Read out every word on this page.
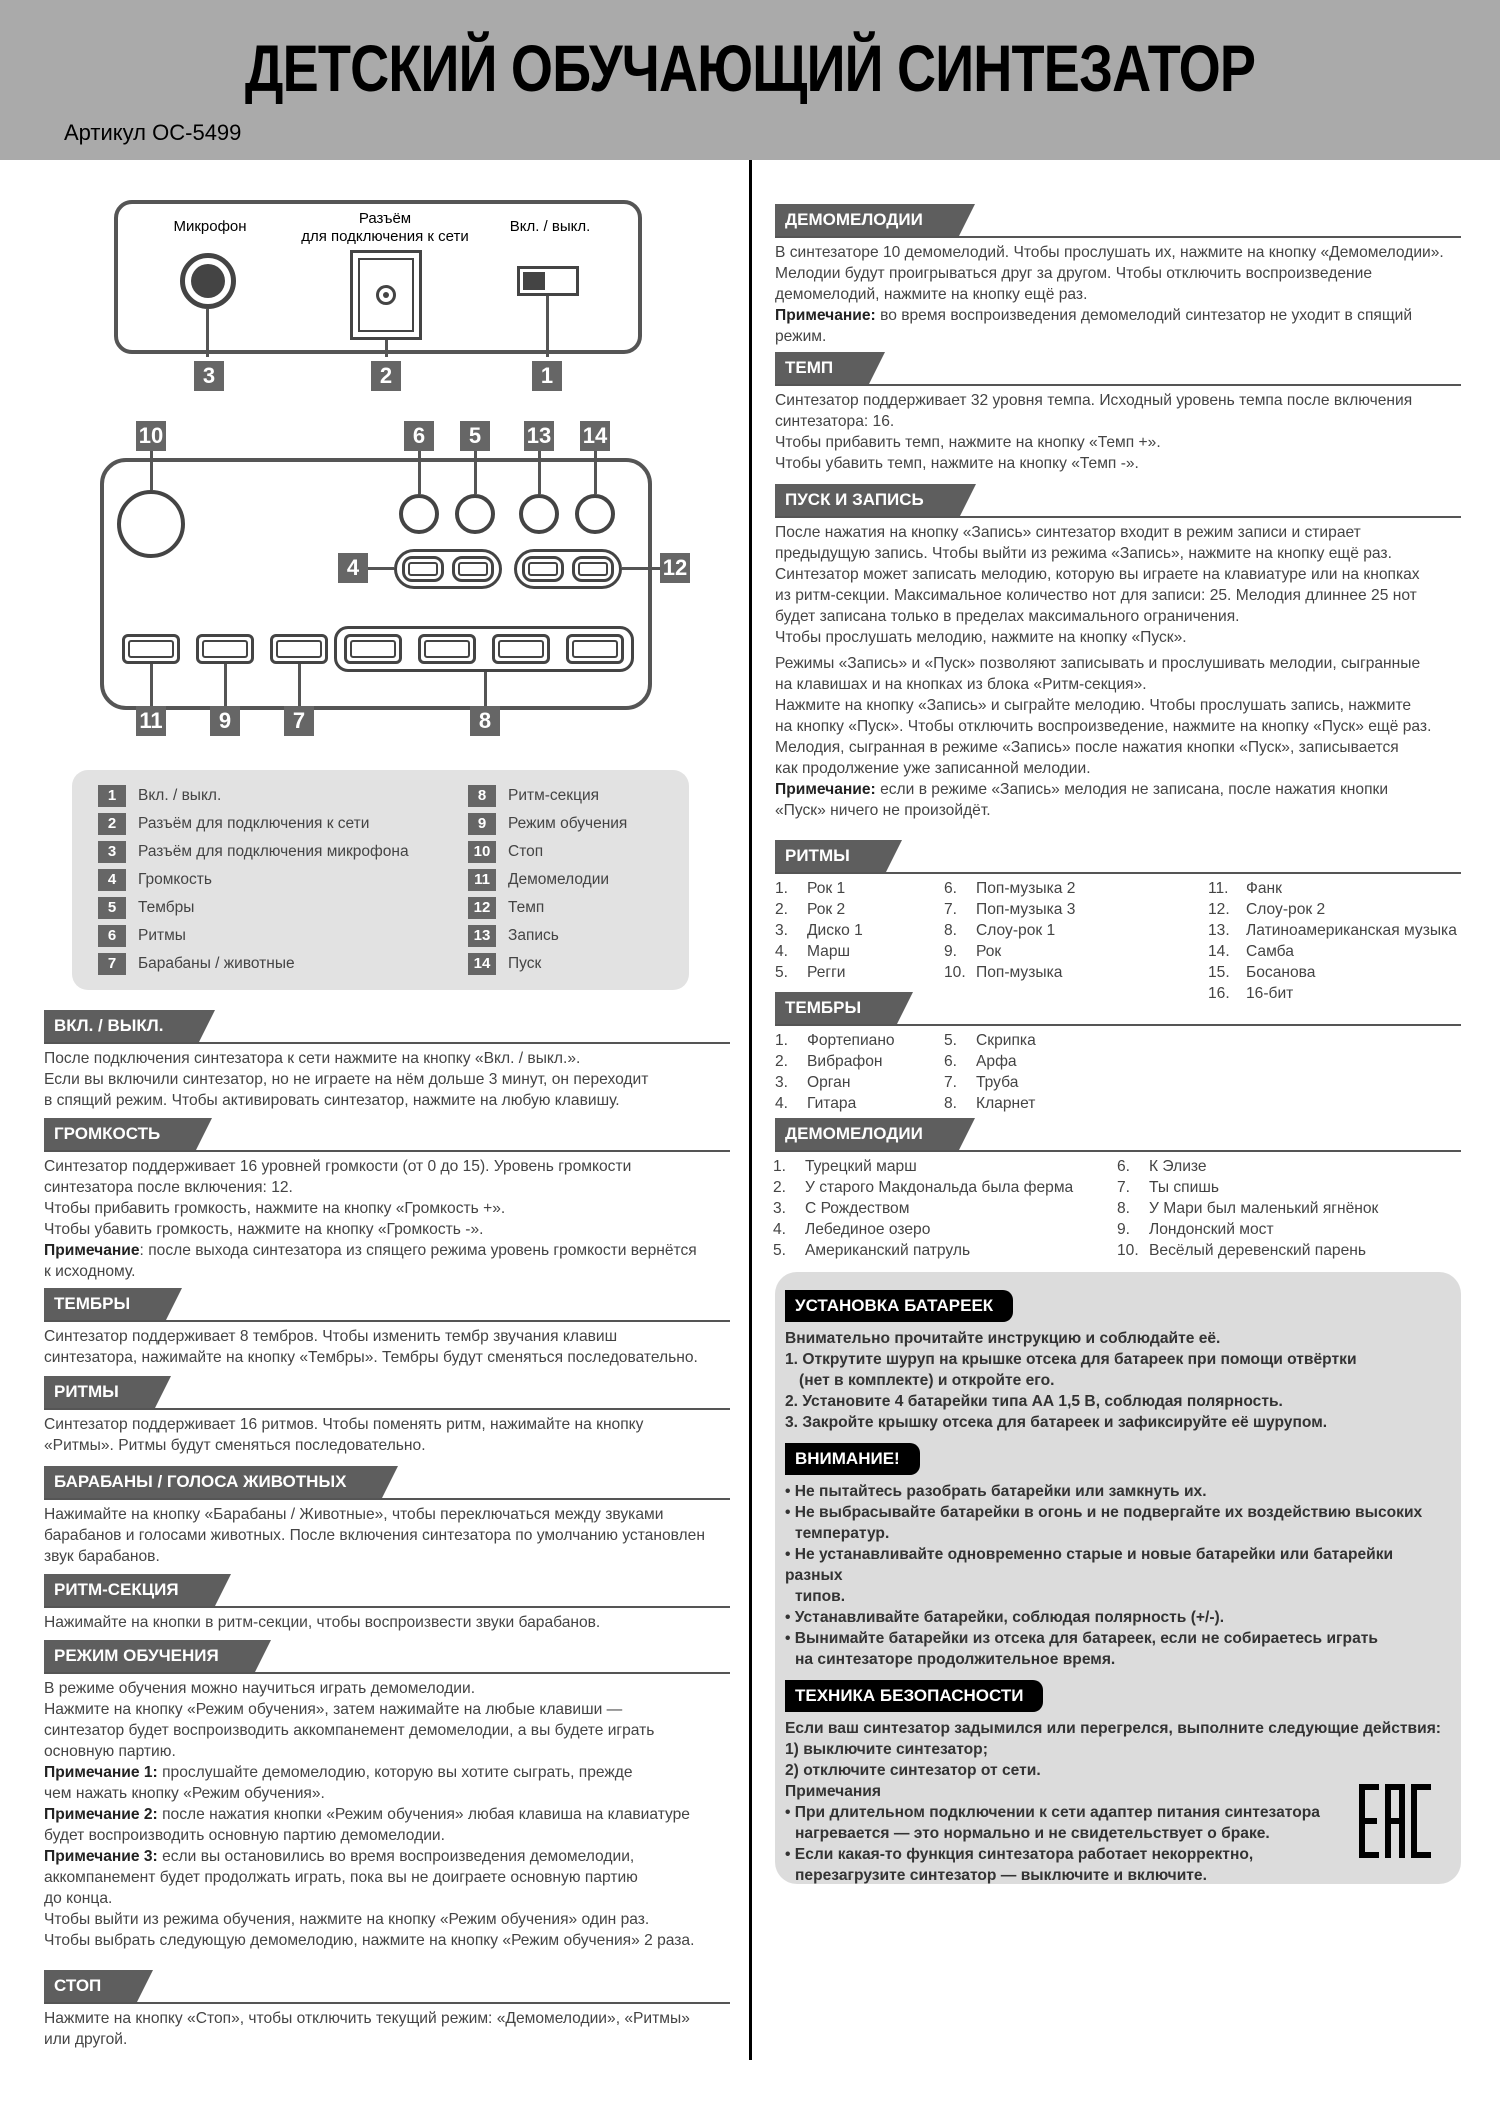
ДЕТСКИЙ ОБУЧАЮЩИЙ СИНТЕЗАТОР
Артикул OC-5499
Микрофон	Разъём
для подключения к сети
Вкл. / выкл.
3	2	1
10	6	5	13 14
4	12
11	9	7	8
1 Вкл. / выкл.
2 Разъём для подключения к сети
3 Разъём для подключения микрофона
4 Громкость
5 Тембры
6 Ритмы
7 Барабаны / животные
8 Ритм-секция
9 Режим обучения
10 Стоп
11 Демомелодии
12 Темп
13 Запись
14 Пуск
ВКЛ. / ВЫКЛ.

После подключения синтезатора к сети нажмите на кнопку «Вкл. / выкл.».

Если вы включили синтезатор, но не играете на нём дольше 3 минут, он переходит

в спящий режим. Чтобы активировать синтезатор, нажмите на любую клавишу.

ГРОМКОСТЬ

Синтезатор поддерживает 16 уровней громкости (от 0 до 15). Уровень громкости

синтезатора после включения: 12.

Чтобы прибавить громкость, нажмите на кнопку «Громкость +».

Чтобы убавить громкость, нажмите на кнопку «Громкость -».

Примечание: после выхода синтезатора из спящего режима уровень громкости вернётся

к исходному.

ТЕМБРЫ

Синтезатор поддерживает 8 тембров. Чтобы изменить тембр звучания клавиш

синтезатора, нажимайте на кнопку «Тембры». Тембры будут сменяться последовательно.

РИТМЫ

Синтезатор поддерживает 16 ритмов. Чтобы поменять ритм, нажимайте на кнопку

«Ритмы». Ритмы будут сменяться последовательно.

БАРАБАНЫ / ГОЛОСА ЖИВОТНЫХ

Нажимайте на кнопку «Барабаны / Животные», чтобы переключаться между звуками

барабанов и голосами животных. После включения синтезатора по умолчанию установлен

звук барабанов.

РИТМ-СЕКЦИЯ

Нажимайте на кнопки в ритм-секции, чтобы воспроизвести звуки барабанов.

РЕЖИМ ОБУЧЕНИЯ

В режиме обучения можно научиться играть демомелодии.

Нажмите на кнопку «Режим обучения», затем нажимайте на любые клавиши —

синтезатор будет воспроизводить аккомпанемент демомелодии, а вы будете играть

основную партию.

Примечание 1: прослушайте демомелодию, которую вы хотите сыграть, прежде

чем нажать кнопку «Режим обучения».

Примечание 2: после нажатия кнопки «Режим обучения» любая клавиша на клавиатуре

будет воспроизводить основную партию демомелодии.

Примечание 3: если вы остановились во время воспроизведения демомелодии,

аккомпанемент будет продолжать играть, пока вы не доиграете основную партию

до конца.

Чтобы выйти из режима обучения, нажмите на кнопку «Режим обучения» один раз.

Чтобы выбрать следующую демомелодию, нажмите на кнопку «Режим обучения» 2 раза.

СТОП

Нажмите на кнопку «Стоп», чтобы отключить текущий режим: «Демомелодии», «Ритмы»

или другой.

ДЕМОМЕЛОДИИ

В синтезаторе 10 демомелодий. Чтобы прослушать их, нажмите на кнопку «Демомелодии».

Мелодии будут проигрываться друг за другом. Чтобы отключить воспроизведение

демомелодий, нажмите на кнопку ещё раз.

Примечание: во время воспроизведения демомелодий синтезатор не уходит в спящий

режим.

ТЕМП

Синтезатор поддерживает 32 уровня темпа. Исходный уровень темпа после включения

синтезатора: 16.

Чтобы прибавить темп, нажмите на кнопку «Темп +».

Чтобы убавить темп, нажмите на кнопку «Темп -».

ПУСК И ЗАПИСЬ

После нажатия на кнопку «Запись» синтезатор входит в режим записи и стирает

предыдущую запись. Чтобы выйти из режима «Запись», нажмите на кнопку ещё раз.

Синтезатор может записать мелодию, которую вы играете на клавиатуре или на кнопках

из ритм-секции. Максимальное количество нот для записи: 25. Мелодия длиннее 25 нот

будет записана только в пределах максимального ограничения.

Чтобы прослушать мелодию, нажмите на кнопку «Пуск».

Режимы «Запись» и «Пуск» позволяют записывать и прослушивать мелодии, сыгранные

на клавишах и на кнопках из блока «Ритм-секция».

Нажмите на кнопку «Запись» и сыграйте мелодию. Чтобы прослушать запись, нажмите

на кнопку «Пуск». Чтобы отключить воспроизведение, нажмите на кнопку «Пуск» ещё раз.

Мелодия, сыгранная в режиме «Запись» после нажатия кнопки «Пуск», записывается

как продолжение уже записанной мелодии.

Примечание: если в режиме «Запись» мелодия не записана, после нажатия кнопки

«Пуск» ничего не произойдёт.

РИТМЫ
1. Рок 1
2. Рок 2
3. Диско 1
4. Марш
5. Регги
6. Поп-музыка 2
7. Поп-музыка 3
8. Слоу-рок 1
9. Рок
10. Поп-музыка
11. Фанк
12. Слоу-рок 2
13. Латиноамериканская музыка
14. Самба
15. Босанова
16. 16-бит
ТЕМБРЫ
1. Фортепиано
2. Вибрафон
3. Орган
4. Гитара
5. Скрипка
6. Арфа
7. Труба
8. Кларнет
ДЕМОМЕЛОДИИ
1. Турецкий марш
2. У старого Макдональда была ферма
3. С Рождеством
4. Лебединое озеро
5. Американский патруль
6. К Элизе
7. Ты спишь
8. У Мари был маленький ягнёнок
9. Лондонский мост
10. Весёлый деревенский парень
УСТАНОВКА БАТАРЕЕК

Внимательно прочитайте инструкцию и соблюдайте её.

1. Открутите шуруп на крышке отсека для батареек при помощи отвёртки

(нет в комплекте) и откройте его.

2. Установите 4 батарейки типа АА 1,5 В, соблюдая полярность.

3. Закройте крышку отсека для батареек и зафиксируйте её шурупом.

ВНИМАНИЕ!

• Не пытайтесь разобрать батарейки или замкнуть их.

• Не выбрасывайте батарейки в огонь и не подвергайте их воздействию высоких

температур.

• Не устанавливайте одновременно старые и новые батарейки или батарейки разных

типов.

• Устанавливайте батарейки, соблюдая полярность (+/-).

• Вынимайте батарейки из отсека для батареек, если не собираетесь играть

на синтезаторе продолжительное время.

ТЕХНИКА БЕЗОПАСНОСТИ

Если ваш синтезатор задымился или перегрелся, выполните следующие действия:

1) выключите синтезатор;

2) отключите синтезатор от сети.

Примечания

• При длительном подключении к сети адаптер питания синтезатора

нагревается — это нормально и не свидетельствует о браке.

• Если какая-то функция синтезатора работает некорректно,

перезагрузите синтезатор — выключите и включите.
